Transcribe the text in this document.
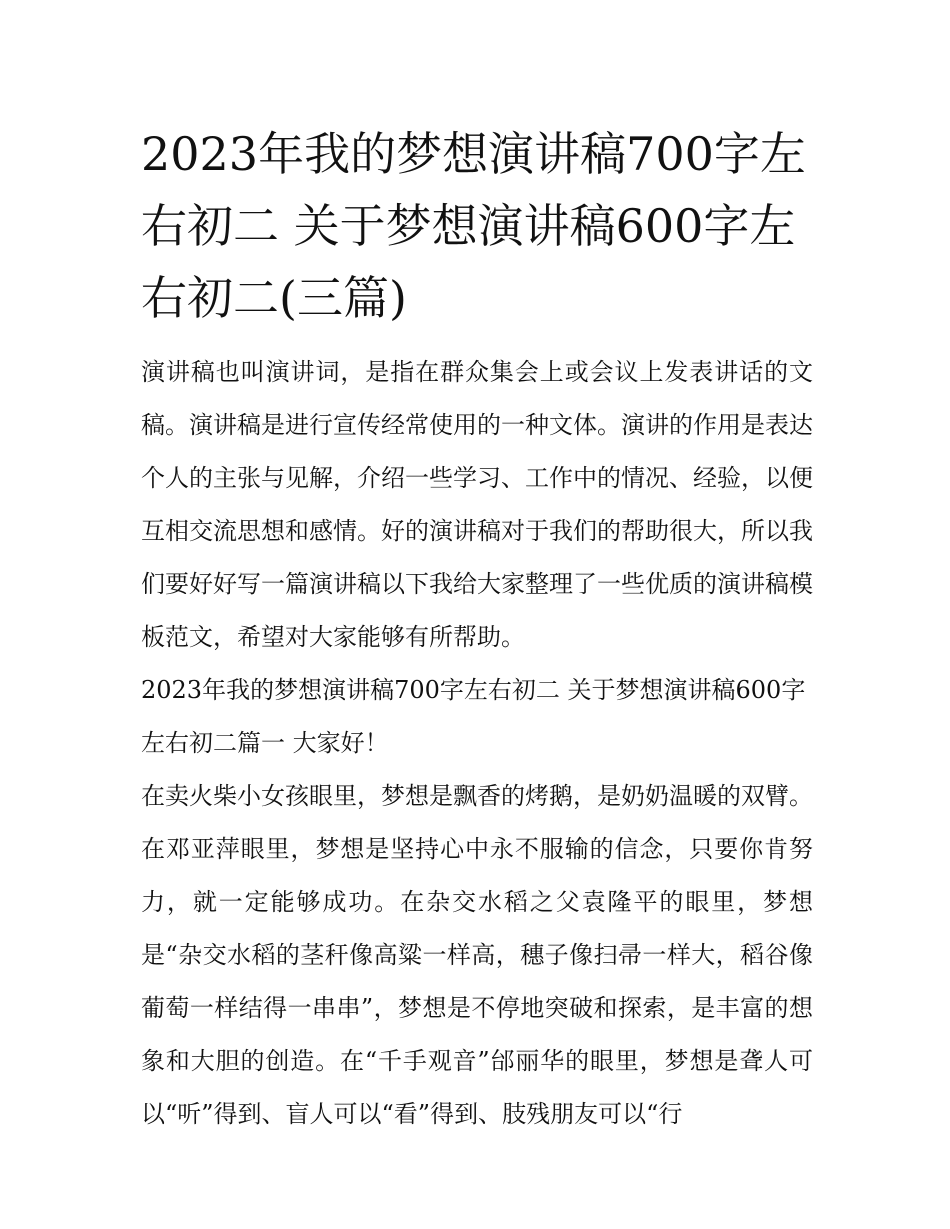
2023年我的梦想演讲稿700字左右初二 关于梦想演讲稿600字左右初二(三篇)

演讲稿也叫演讲词，是指在群众集会上或会议上发表讲话的文稿。演讲稿是进行宣传经常使用的一种文体。演讲的作用是表达个人的主张与见解，介绍一些学习、工作中的情况、经验，以便互相交流思想和感情。好的演讲稿对于我们的帮助很大，所以我们要好好写一篇演讲稿以下我给大家整理了一些优质的演讲稿模板范文，希望对大家能够有所帮助。

2023年我的梦想演讲稿700字左右初二 关于梦想演讲稿600字左右初二篇一 大家好！

在卖火柴小女孩眼里，梦想是飘香的烤鹅，是奶奶温暖的双臂。在邓亚萍眼里，梦想是坚持心中永不服输的信念，只要你肯努力，就一定能够成功。在杂交水稻之父袁隆平的眼里，梦想是“杂交水稻的茎秆像高粱一样高，穗子像扫帚一样大，稻谷像葡萄一样结得一串串”，梦想是不停地突破和探索，是丰富的想象和大胆的创造。在“千手观音”邰丽华的眼里，梦想是聋人可以“听”得到、盲人可以“看”得到、肢残朋友可以“行
